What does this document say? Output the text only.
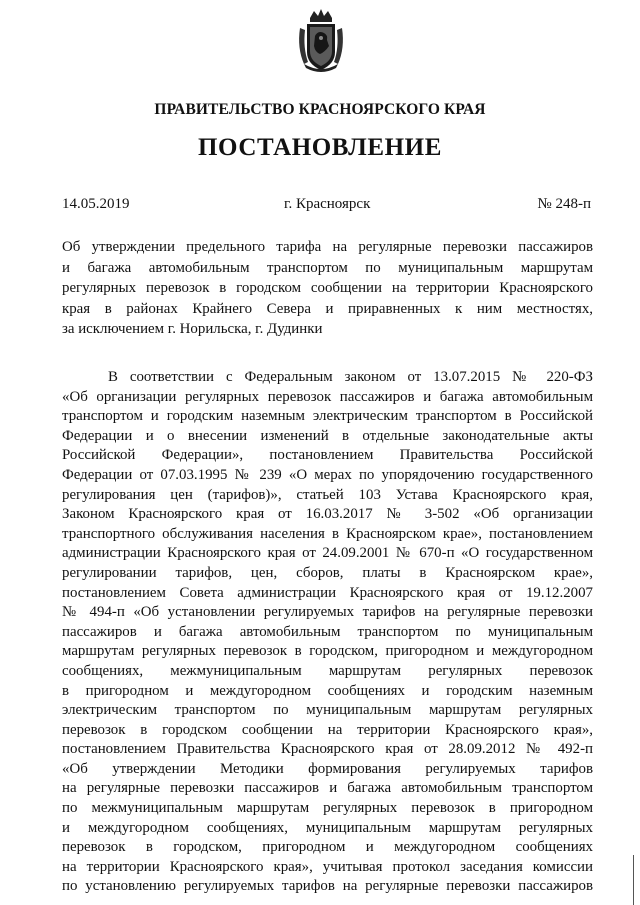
ПРАВИТЕЛЬСТВО КРАСНОЯРСКОГО КРАЯ
ПОСТАНОВЛЕНИЕ
14.05.2019	г. Красноярск	№ 248-п
Об утверждении предельного тарифа на регулярные перевозки пассажиров
и багажа автомобильным транспортом по муниципальным маршрутам
регулярных перевозок в городском сообщении на территории Красноярского
края в районах Крайнего Севера и приравненных к ним местностях,
за исключением г. Норильска, г. Дудинки
В соответствии с Федеральным законом от 13.07.2015 № 220-ФЗ
«Об организации регулярных перевозок пассажиров и багажа автомобильным
транспортом и городским наземным электрическим транспортом в Российской
Федерации и о внесении изменений в отдельные законодательные акты
Российской Федерации», постановлением Правительства Российской
Федерации от 07.03.1995 № 239 «О мерах по упорядочению государственного
регулирования цен (тарифов)», статьей 103 Устава Красноярского края,
Законом Красноярского края от 16.03.2017 № 3-502 «Об организации
транспортного обслуживания населения в Красноярском крае», постановлением
администрации Красноярского края от 24.09.2001 № 670-п «О государственном
регулировании тарифов, цен, сборов, платы в Красноярском крае»,
постановлением Совета администрации Красноярского края от 19.12.2007
№ 494-п «Об установлении регулируемых тарифов на регулярные перевозки
пассажиров и багажа автомобильным транспортом по муниципальным
маршрутам регулярных перевозок в городском, пригородном и междугородном
сообщениях, межмуниципальным маршрутам регулярных перевозок
в пригородном и междугородном сообщениях и городским наземным
электрическим транспортом по муниципальным маршрутам регулярных
перевозок в городском сообщении на территории Красноярского края»,
постановлением Правительства Красноярского края от 28.09.2012 № 492-п
«Об утверждении Методики формирования регулируемых тарифов
на регулярные перевозки пассажиров и багажа автомобильным транспортом
по межмуниципальным маршрутам регулярных перевозок в пригородном
и междугородном сообщениях, муниципальным маршрутам регулярных
перевозок в городском, пригородном и междугородном сообщениях
на территории Красноярского края», учитывая протокол заседания комиссии
по установлению регулируемых тарифов на регулярные перевозки пассажиров
